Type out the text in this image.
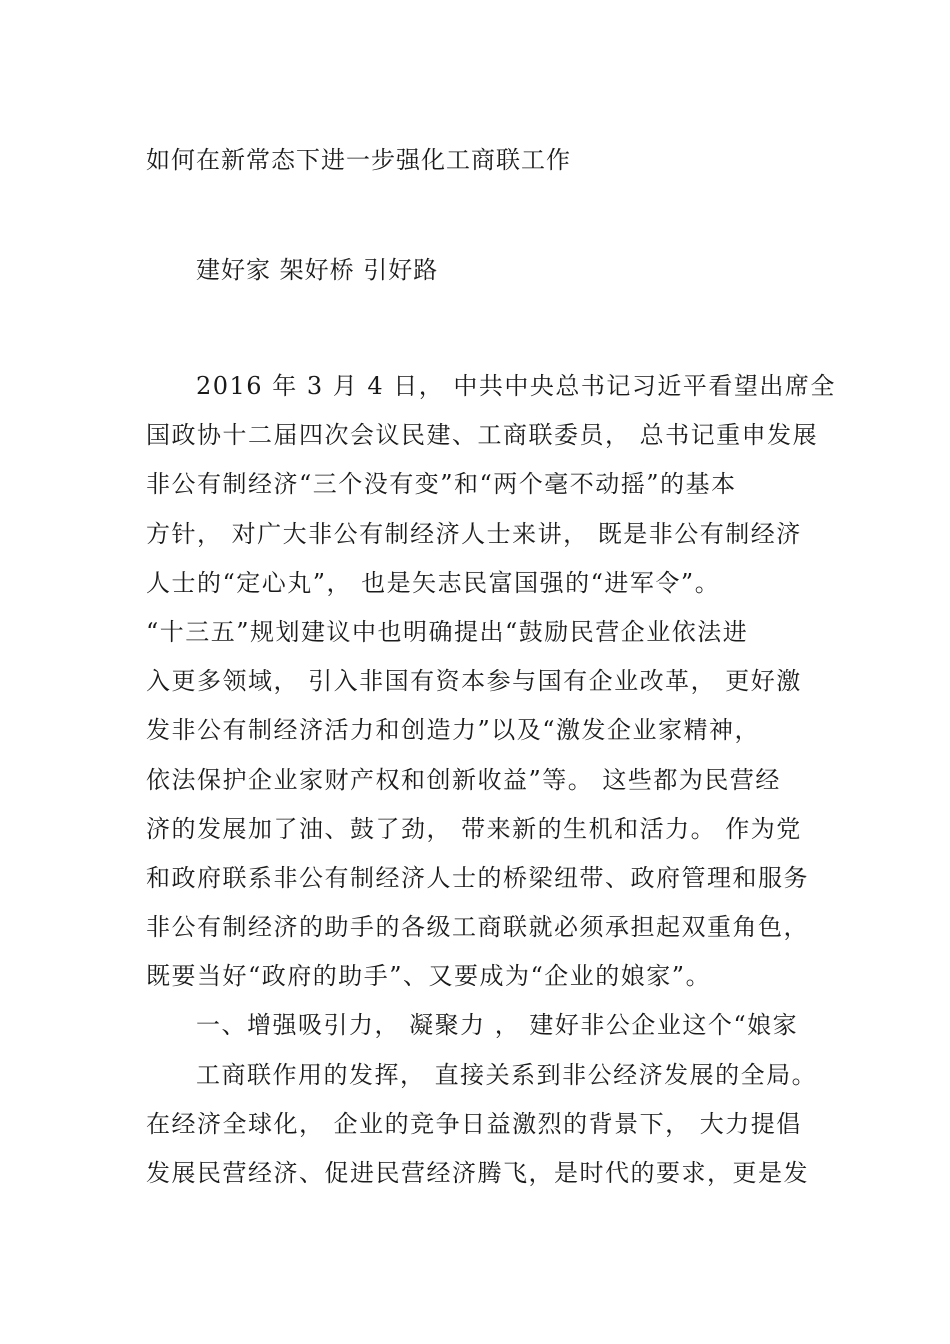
如何在新常态下进一步强化工商联工作
建好家 架好桥 引好路
2016 年 3 月 4 日， 中共中央总书记习近平看望出席全
国政协十二届四次会议民建、工商联委员， 总书记重申发展
非公有制经济“三个没有变”和“两个毫不动摇”的基本
方针， 对广大非公有制经济人士来讲， 既是非公有制经济
人士的“定心丸”， 也是矢志民富国强的“进军令”。
“十三五”规划建议中也明确提出“鼓励民营企业依法进
入更多领域， 引入非国有资本参与国有企业改革， 更好激
发非公有制经济活力和创造力”以及“激发企业家精神，
依法保护企业家财产权和创新收益”等。 这些都为民营经
济的发展加了油、鼓了劲， 带来新的生机和活力。 作为党
和政府联系非公有制经济人士的桥梁纽带、政府管理和服务
非公有制经济的助手的各级工商联就必须承担起双重角色，
既要当好“政府的助手”、又要成为“企业的娘家”。
一、增强吸引力， 凝聚力 ， 建好非公企业这个“娘家
工商联作用的发挥， 直接关系到非公经济发展的全局。
在经济全球化， 企业的竞争日益激烈的背景下， 大力提倡
发展民营经济、促进民营经济腾飞，是时代的要求，更是发
